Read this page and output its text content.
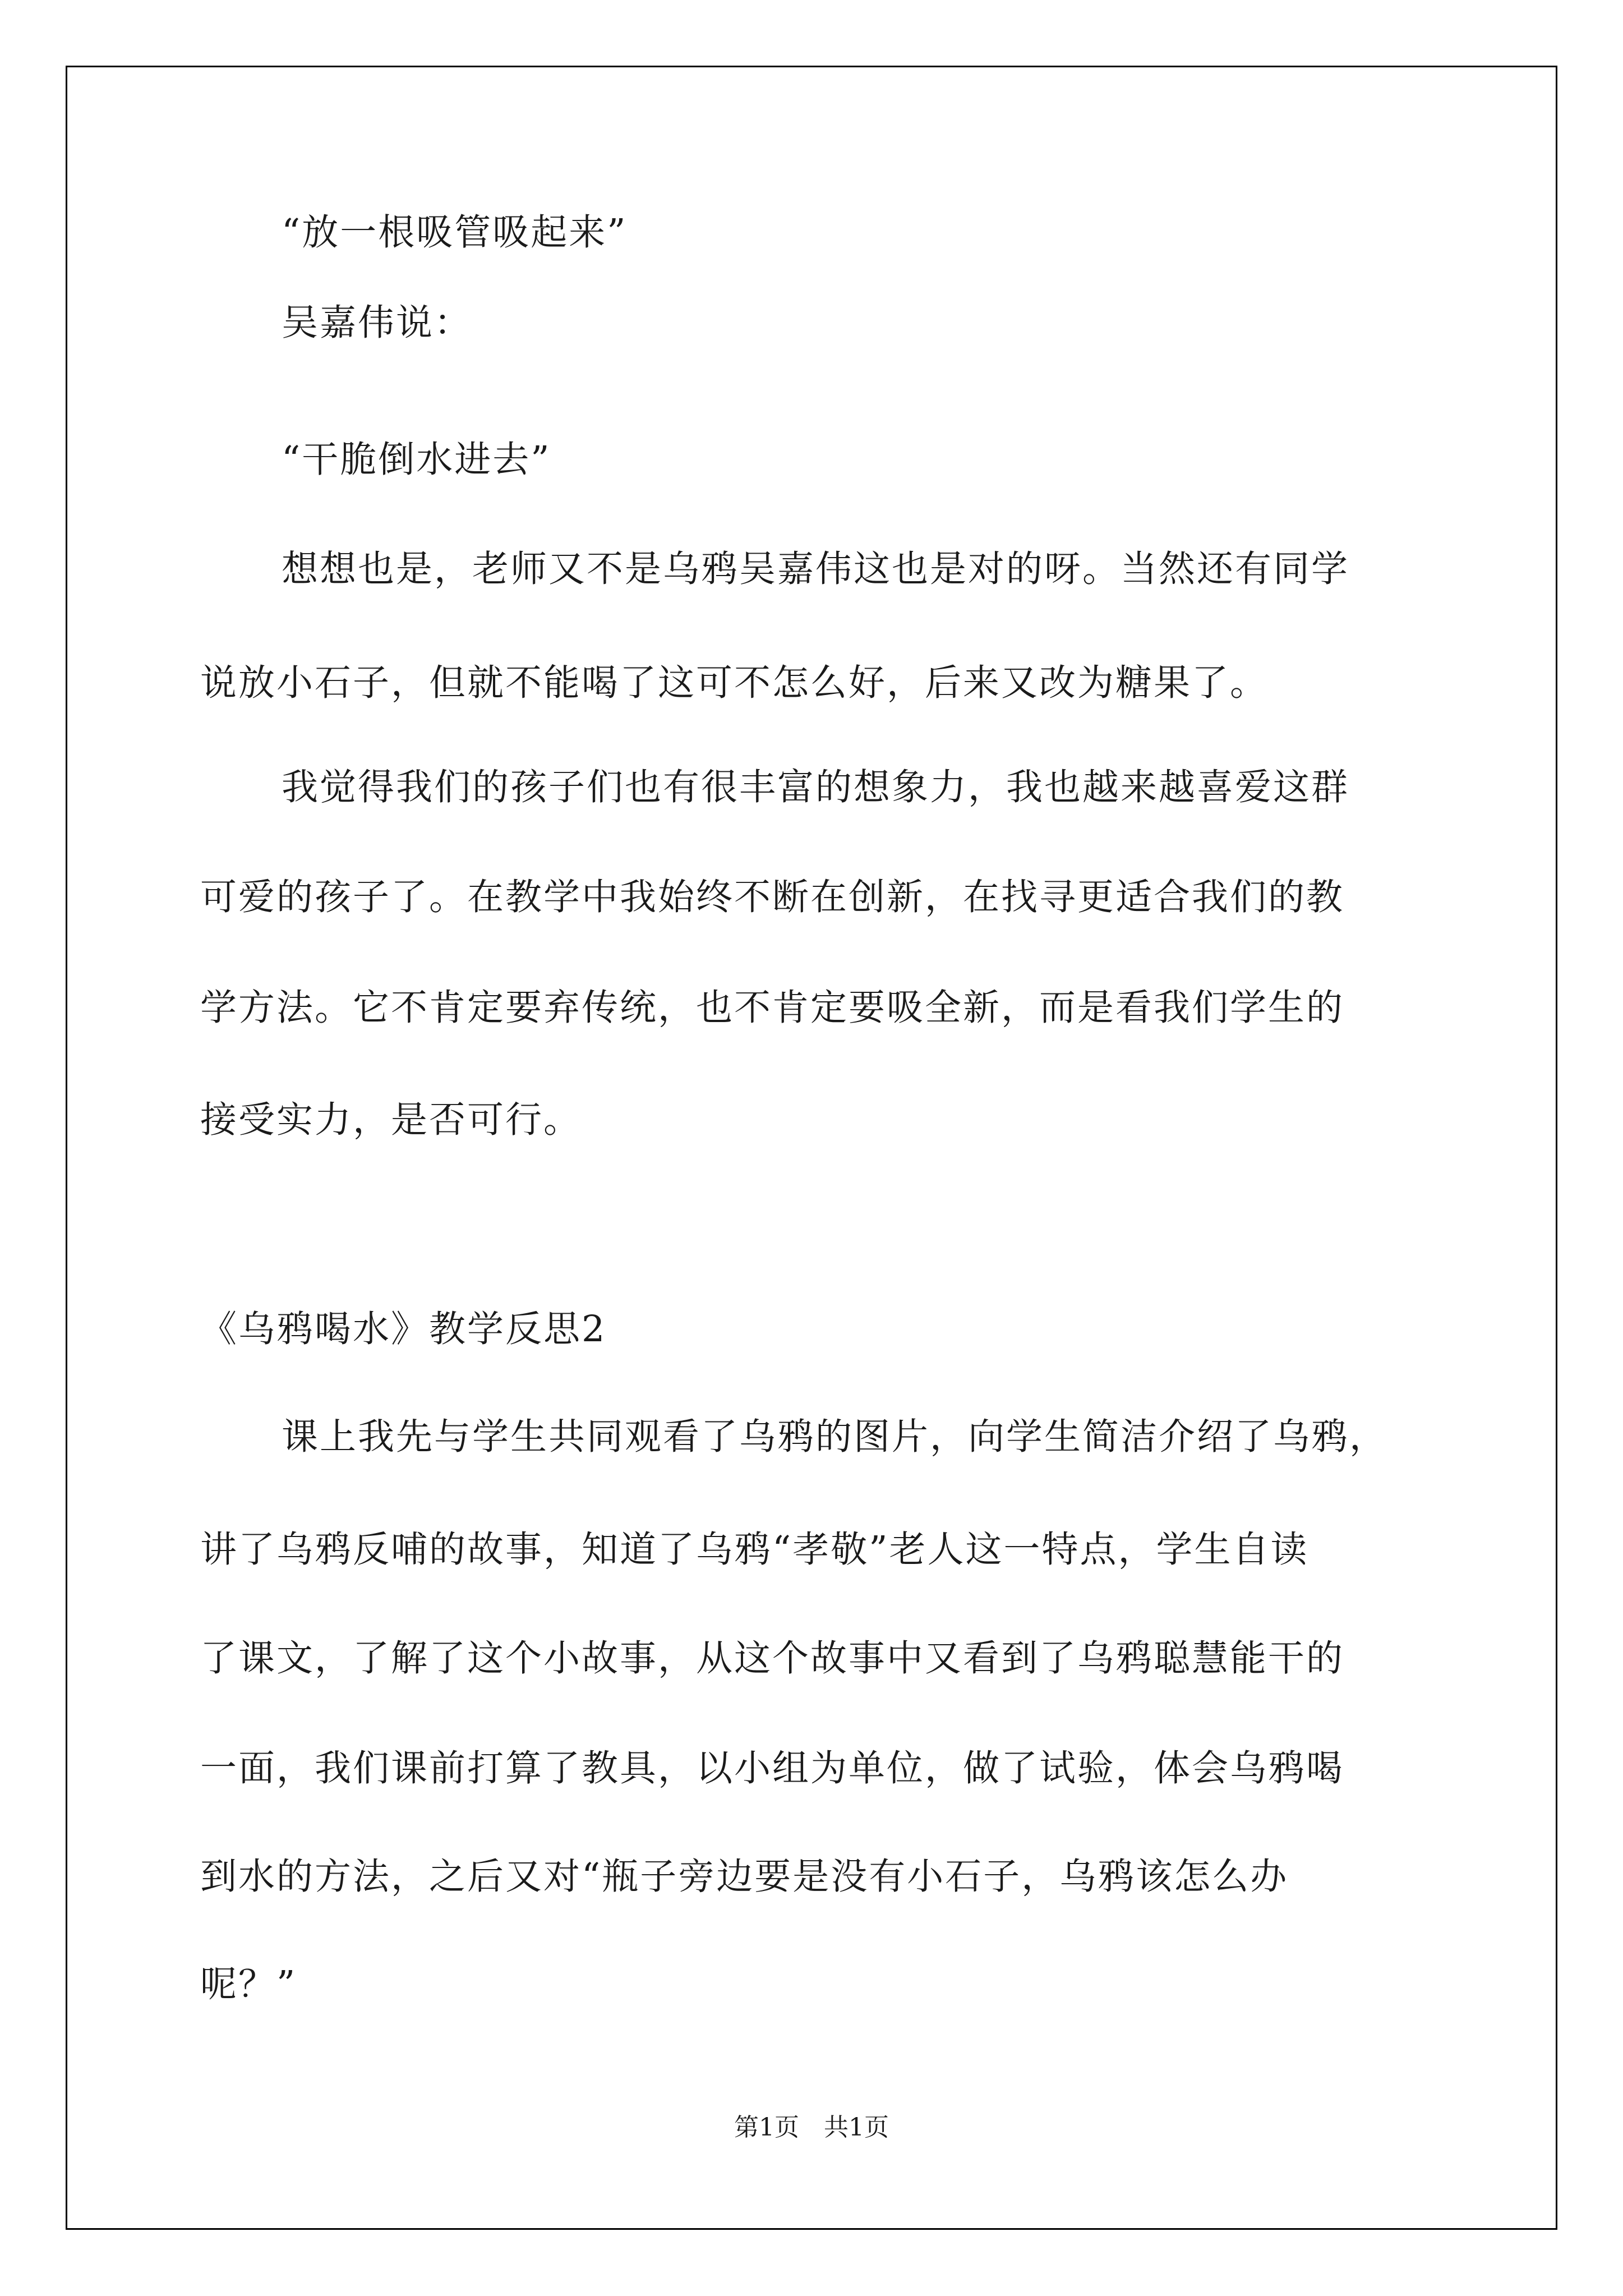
“放一根吸管吸起来”
吴嘉伟说：
“干脆倒水进去”
想想也是，老师又不是乌鸦吴嘉伟这也是对的呀。当然还有同学
说放小石子，但就不能喝了这可不怎么好，后来又改为糖果了。
我觉得我们的孩子们也有很丰富的想象力，我也越来越喜爱这群
可爱的孩子了。在教学中我始终不断在创新，在找寻更适合我们的教
学方法。它不肯定要弃传统，也不肯定要吸全新，而是看我们学生的
接受实力，是否可行。
《乌鸦喝水》教学反思2
课上我先与学生共同观看了乌鸦的图片，向学生简洁介绍了乌鸦，
讲了乌鸦反哺的故事，知道了乌鸦“孝敬”老人这一特点，学生自读
了课文，了解了这个小故事，从这个故事中又看到了乌鸦聪慧能干的
一面，我们课前打算了教具，以小组为单位，做了试验，体会乌鸦喝
到水的方法，之后又对“瓶子旁边要是没有小石子，乌鸦该怎么办
呢？”
第1页　共1页
